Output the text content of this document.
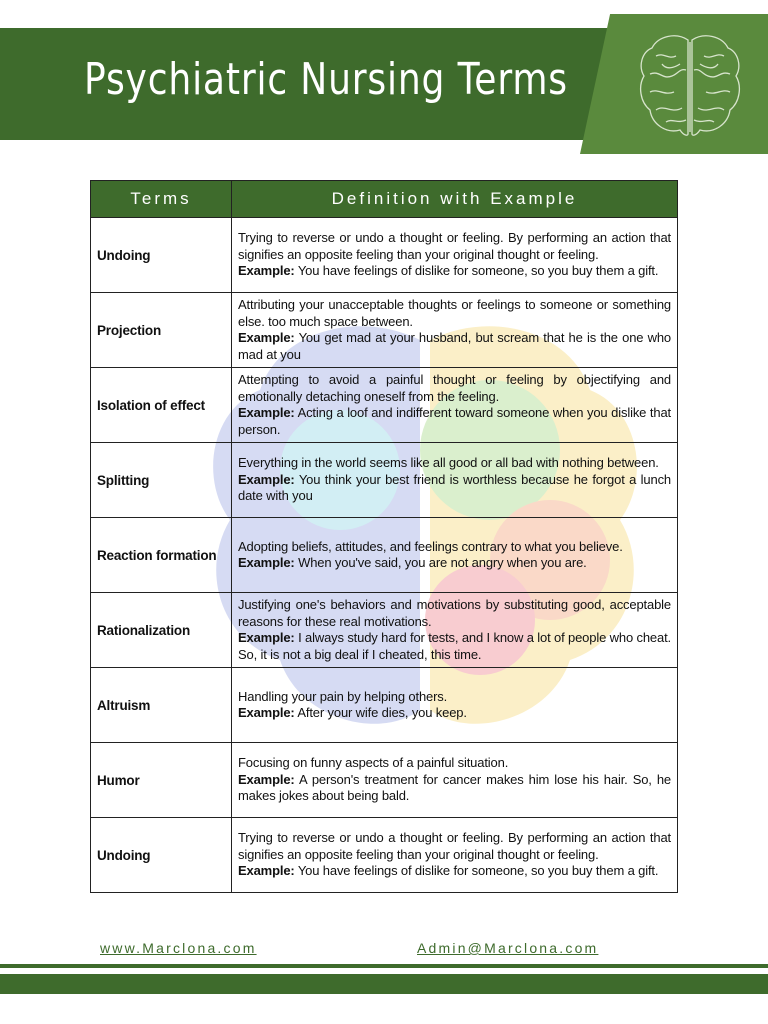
Psychiatric Nursing Terms
Terms	Definition with Example
Undoing	Trying to reverse or undo a thought or feeling. By performing an action that signifies an opposite feeling than your original thought or feeling.
Example: You have feelings of dislike for someone, so you buy them a gift.
Projection	Attributing your unacceptable thoughts or feelings to someone or something else. too much space between.
Example: You get mad at your husband, but scream that he is the one who mad at you
Isolation of effect	Attempting to avoid a painful thought or feeling by objectifying and emotionally detaching oneself from the feeling.
Example: Acting a loof and indifferent toward someone when you dislike that person.
Splitting	Everything in the world seems like all good or all bad with nothing between.
Example: You think your best friend is worthless because he forgot a lunch date with you
Reaction formation	Adopting beliefs, attitudes, and feelings contrary to what you believe.
Example: When you've said, you are not angry when you are.
Rationalization	Justifying one's behaviors and motivations by substituting good, acceptable reasons for these real motivations.
Example: I always study hard for tests, and I know a lot of people who cheat. So, it is not a big deal if I cheated, this time.
Altruism	Handling your pain by helping others.
Example: After your wife dies, you keep.
Humor	Focusing on funny aspects of a painful situation.
Example: A person's treatment for cancer makes him lose his hair. So, he makes jokes about being bald.
Undoing	Trying to reverse or undo a thought or feeling. By performing an action that signifies an opposite feeling than your original thought or feeling.
Example: You have feelings of dislike for someone, so you buy them a gift.
www.Marclona.com	Admin@Marclona.com
